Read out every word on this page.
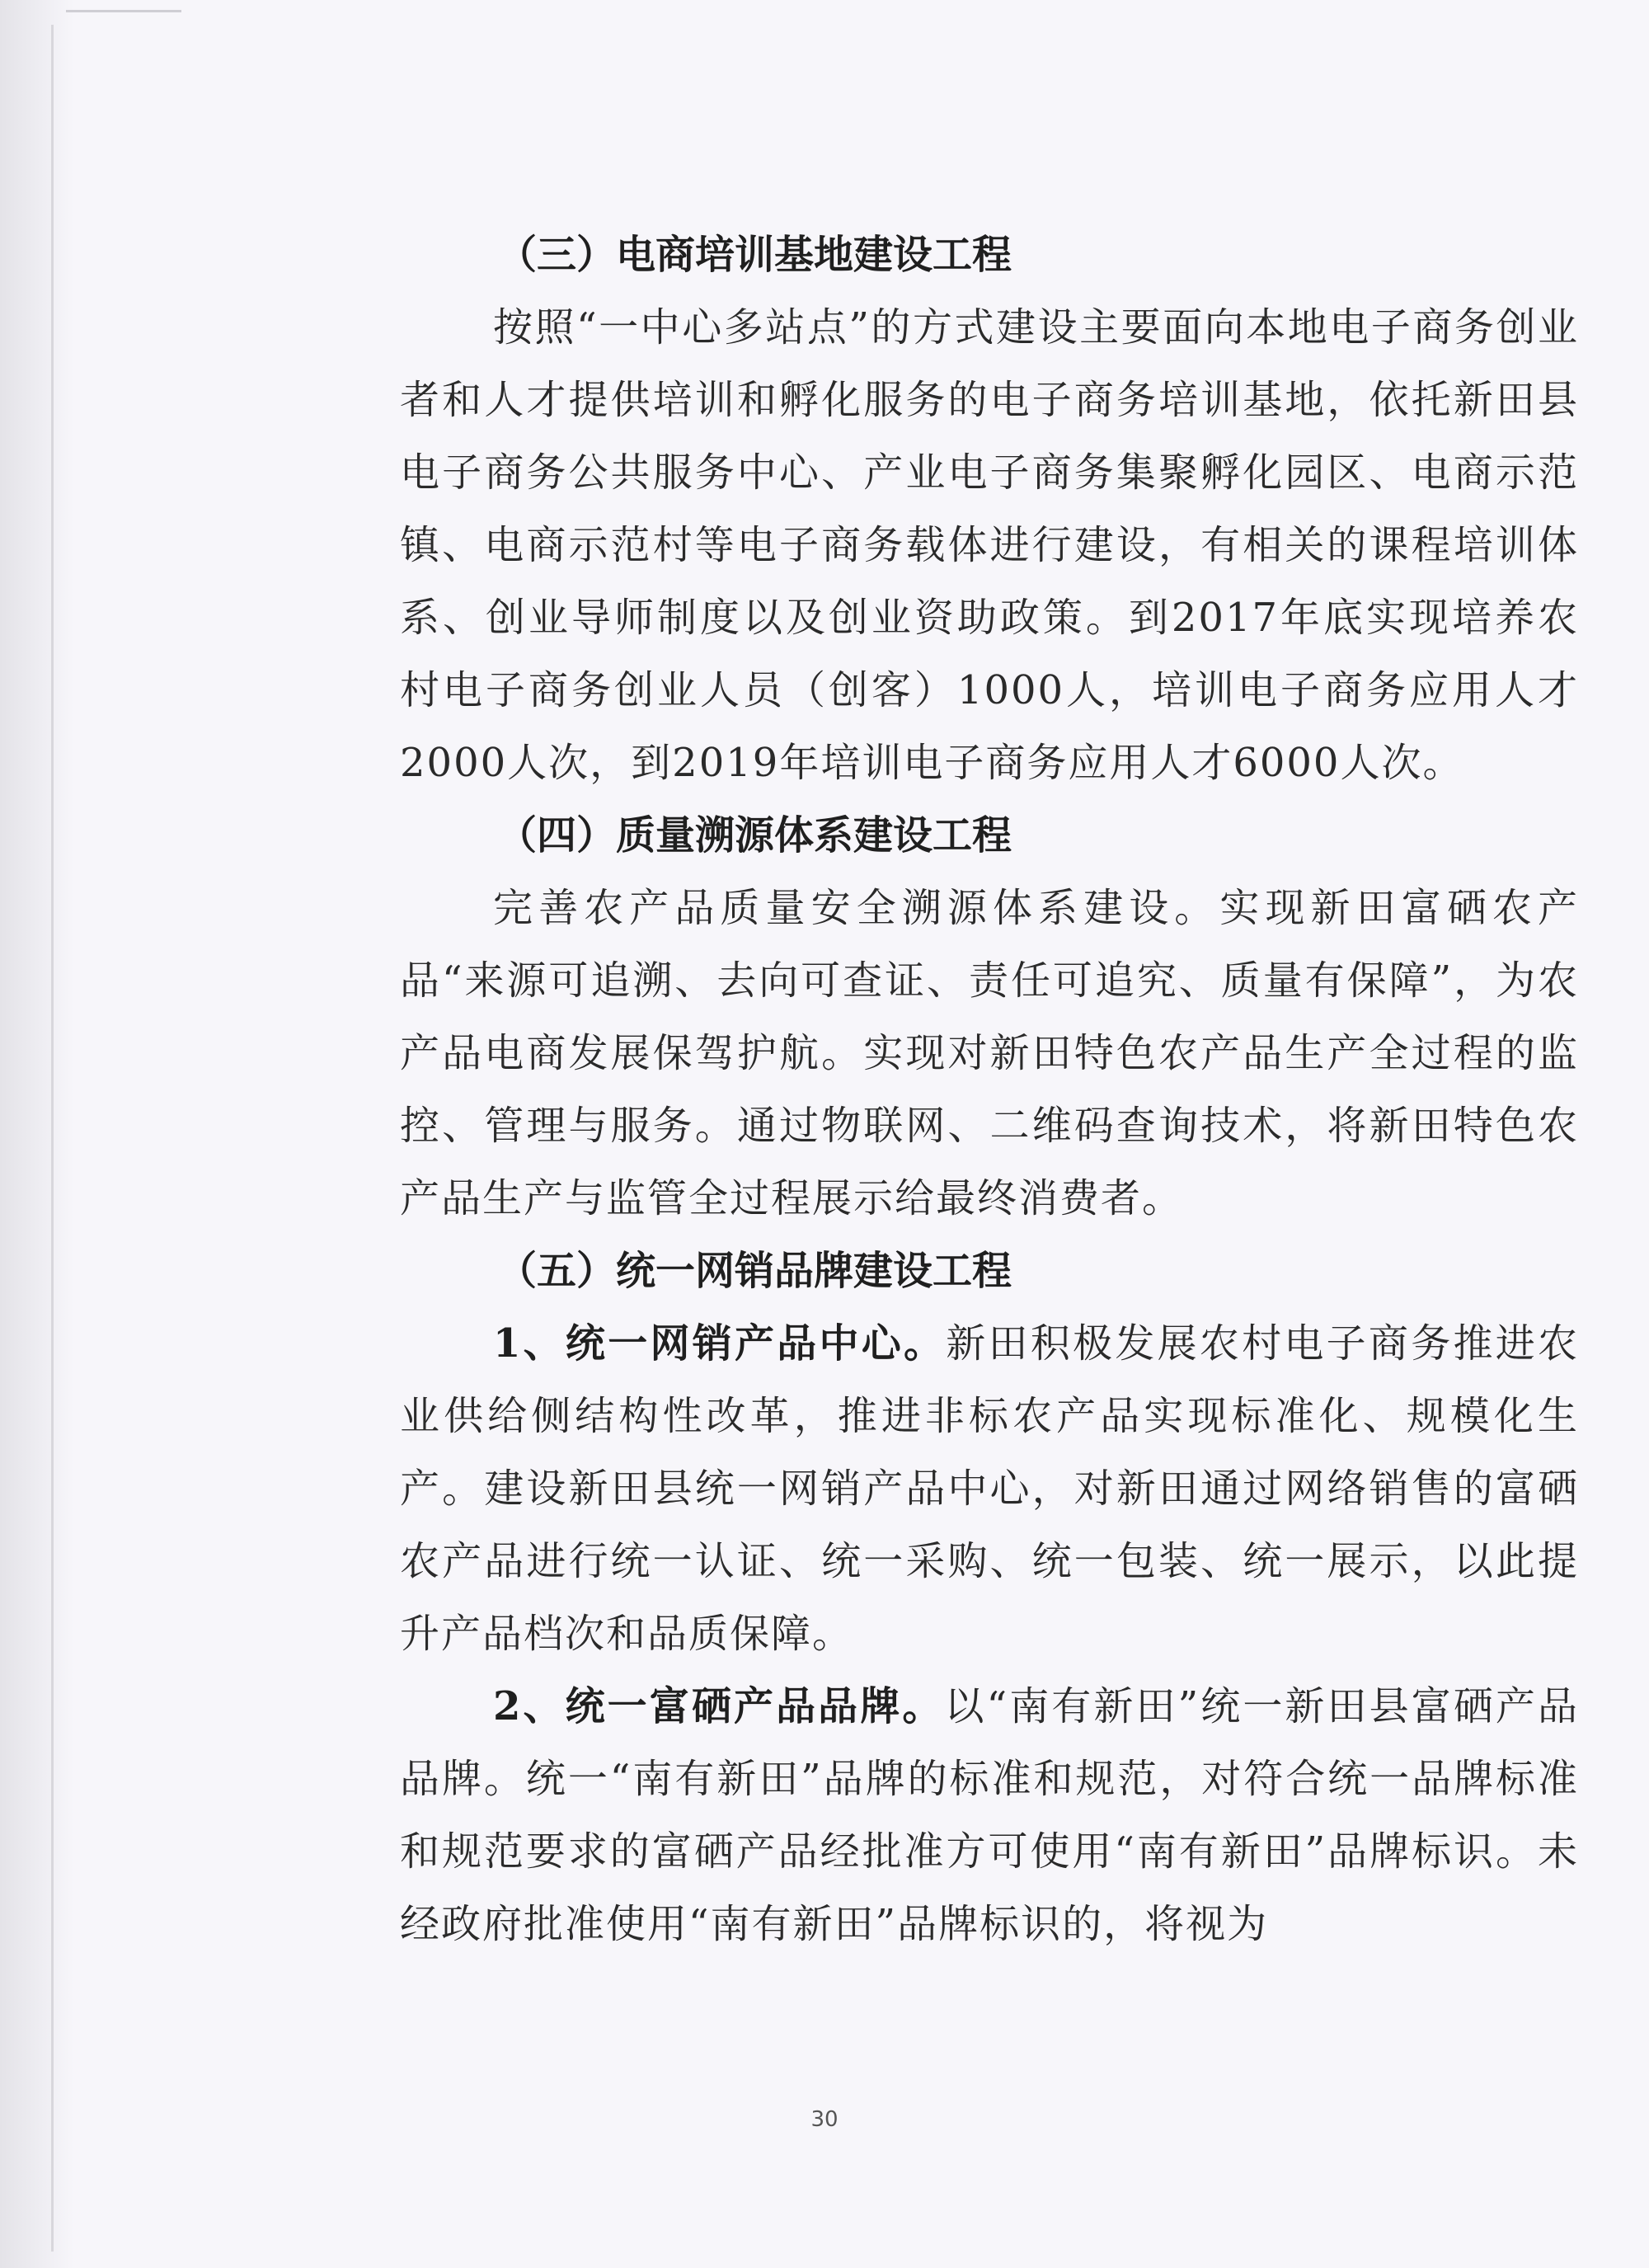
（三）电商培训基地建设工程

按照“一中心多站点”的方式建设主要面向本地电子商务创业者和人才提供培训和孵化服务的电子商务培训基地，依托新田县电子商务公共服务中心、产业电子商务集聚孵化园区、电商示范镇、电商示范村等电子商务载体进行建设，有相关的课程培训体系、创业导师制度以及创业资助政策。到2017年底实现培养农村电子商务创业人员（创客）1000人，培训电子商务应用人才2000人次，到2019年培训电子商务应用人才6000人次。

（四）质量溯源体系建设工程

完善农产品质量安全溯源体系建设。实现新田富硒农产品“来源可追溯、去向可查证、责任可追究、质量有保障”，为农产品电商发展保驾护航。实现对新田特色农产品生产全过程的监控、管理与服务。通过物联网、二维码查询技术，将新田特色农产品生产与监管全过程展示给最终消费者。

（五）统一网销品牌建设工程

1、统一网销产品中心。新田积极发展农村电子商务推进农业供给侧结构性改革，推进非标农产品实现标准化、规模化生产。建设新田县统一网销产品中心，对新田通过网络销售的富硒农产品进行统一认证、统一采购、统一包装、统一展示，以此提升产品档次和品质保障。

2、统一富硒产品品牌。以“南有新田”统一新田县富硒产品品牌。统一“南有新田”品牌的标准和规范，对符合统一品牌标准和规范要求的富硒产品经批准方可使用“南有新田”品牌标识。未经政府批准使用“南有新田”品牌标识的，将视为

30
